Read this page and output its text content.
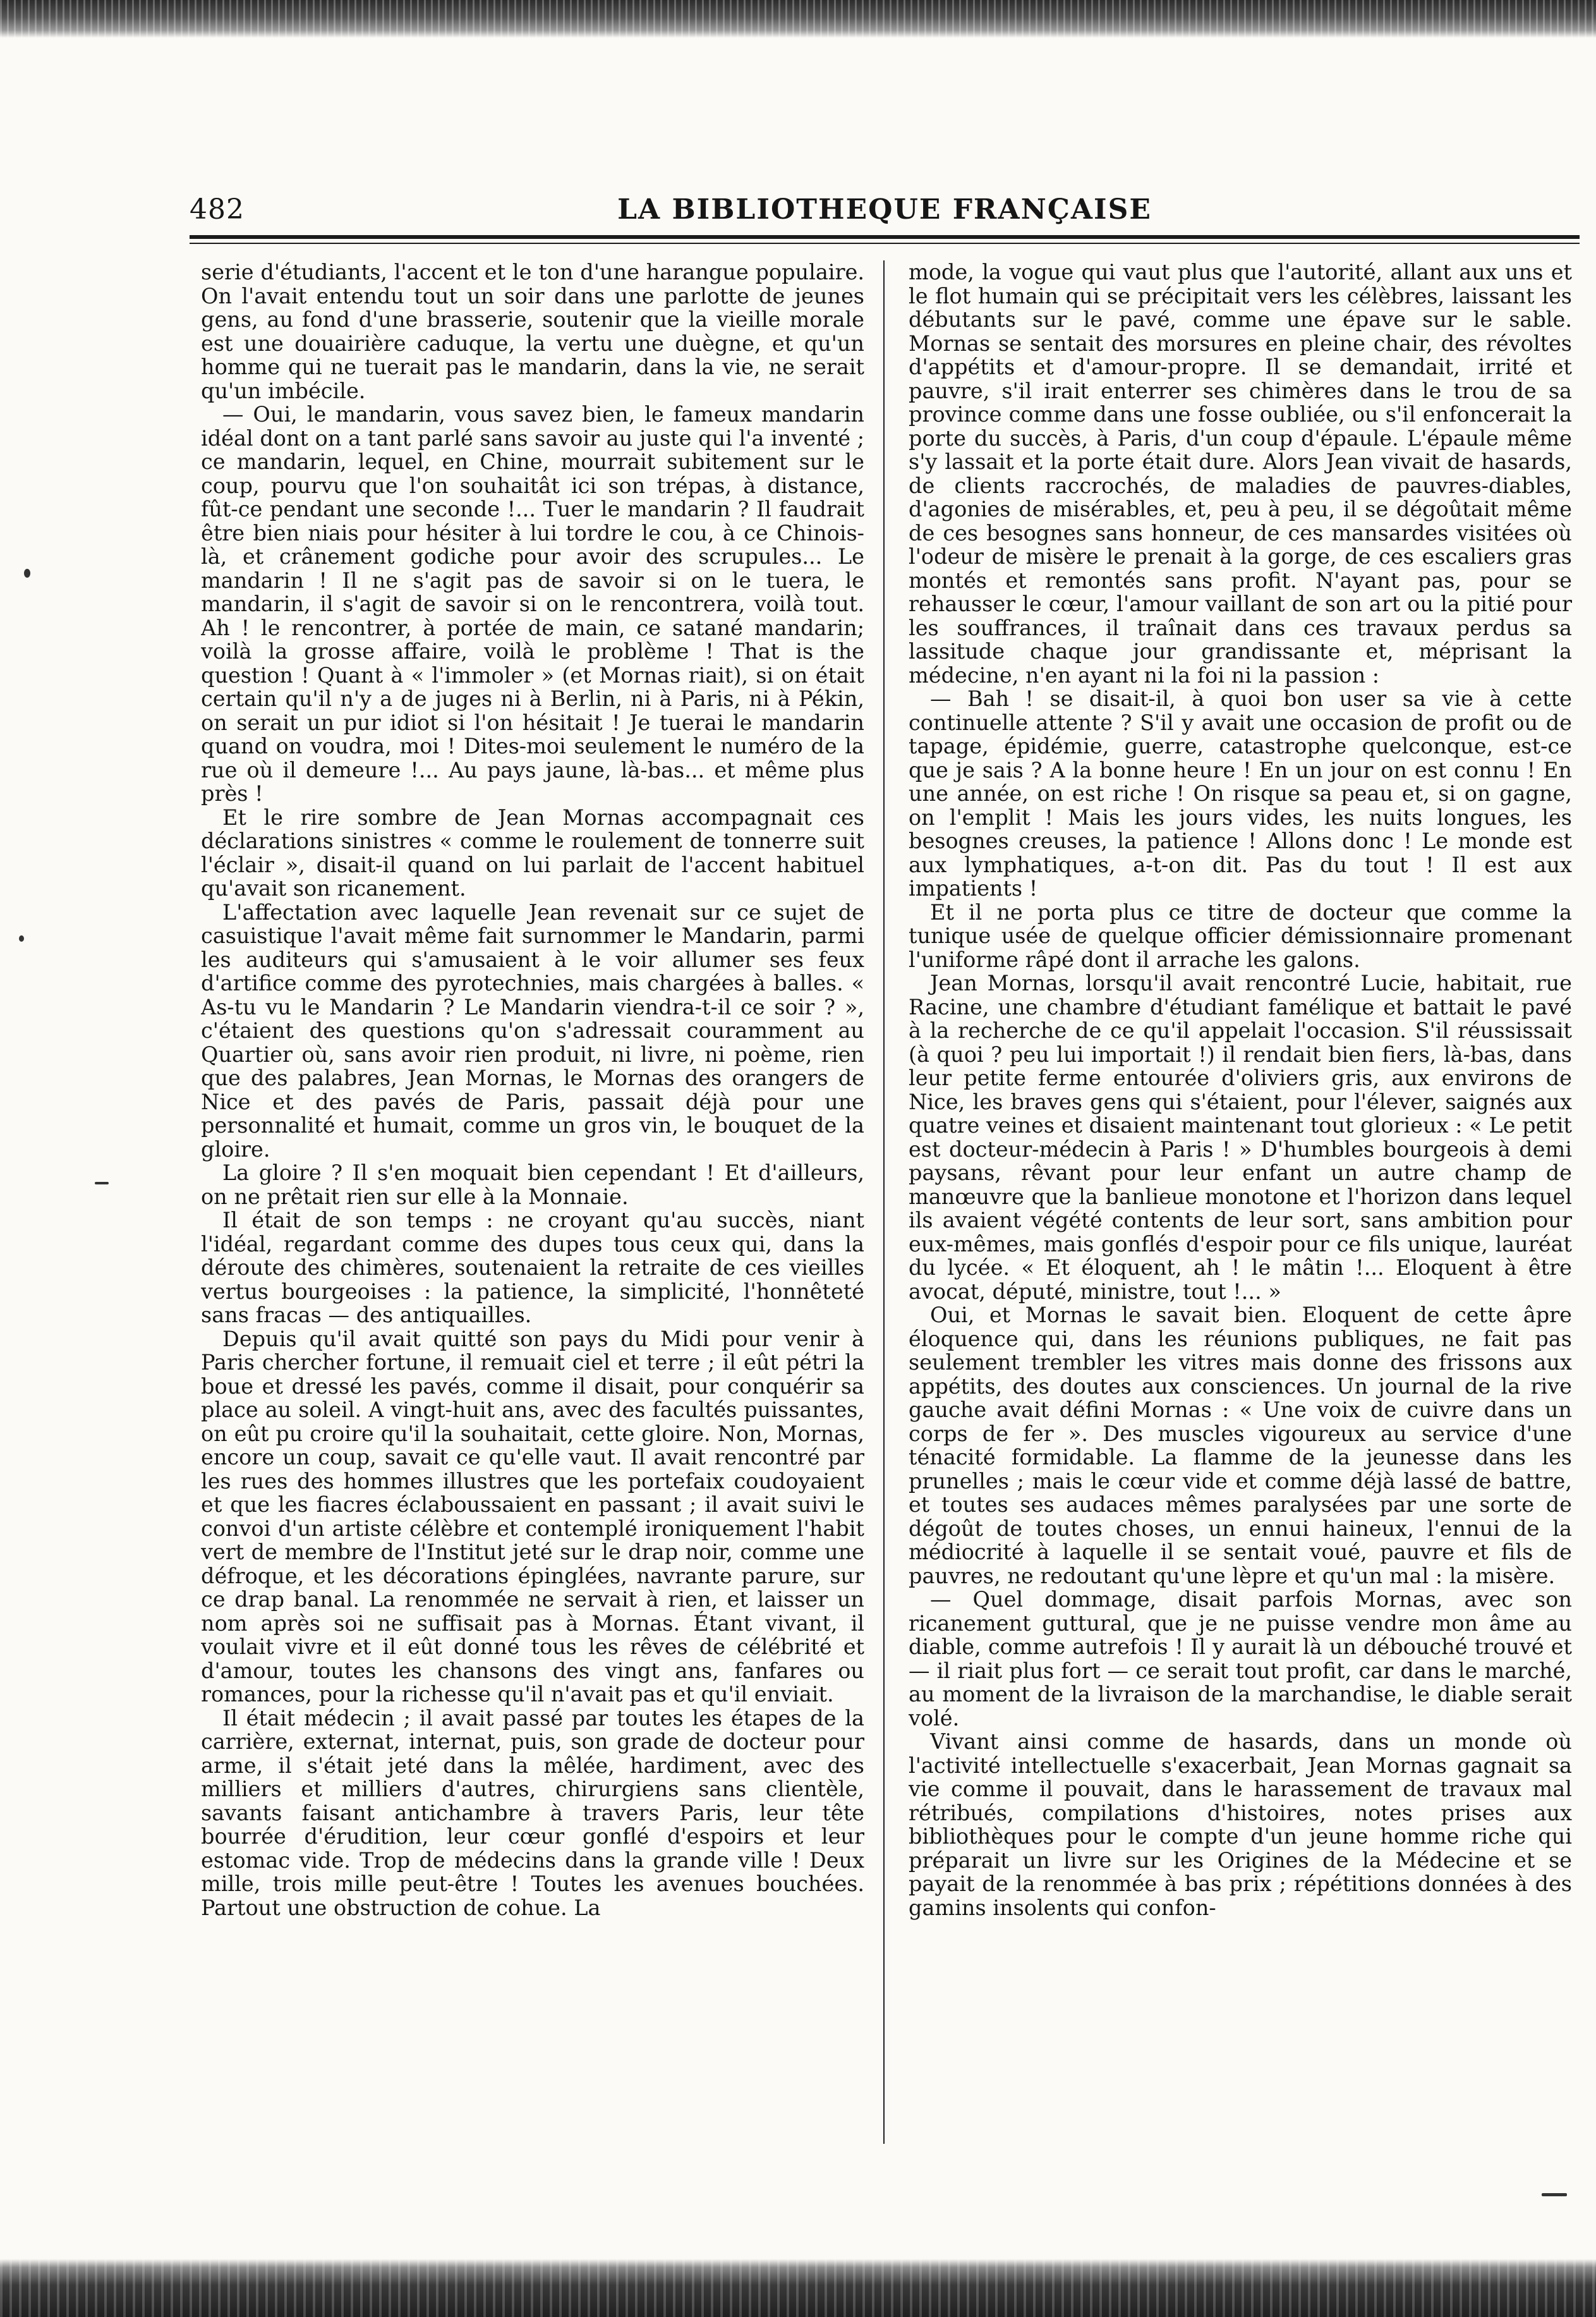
482	LA BIBLIOTHEQUE FRANÇAISE

serie d'étudiants, l'accent et le ton d'une harangue populaire. On l'avait entendu tout un soir dans une parlotte de jeunes gens, au fond d'une brasserie, soutenir que la vieille morale est une douairière caduque, la vertu une duègne, et qu'un homme qui ne tuerait pas le mandarin, dans la vie, ne serait qu'un imbécile.

— Oui, le mandarin, vous savez bien, le fameux mandarin idéal dont on a tant parlé sans savoir au juste qui l'a inventé ; ce mandarin, lequel, en Chine, mourrait subitement sur le coup, pourvu que l'on souhaitât ici son trépas, à distance, fût-ce pendant une seconde !... Tuer le mandarin ? Il faudrait être bien niais pour hésiter à lui tordre le cou, à ce Chinois-là, et crânement godiche pour avoir des scrupules... Le mandarin ! Il ne s'agit pas de savoir si on le tuera, le mandarin, il s'agit de savoir si on le rencontrera, voilà tout. Ah ! le rencontrer, à portée de main, ce satané mandarin; voilà la grosse affaire, voilà le problème ! That is the question ! Quant à « l'immoler » (et Mornas riait), si on était certain qu'il n'y a de juges ni à Berlin, ni à Paris, ni à Pékin, on serait un pur idiot si l'on hésitait ! Je tuerai le mandarin quand on voudra, moi ! Dites-moi seulement le numéro de la rue où il demeure !... Au pays jaune, là-bas... et même plus près !

Et le rire sombre de Jean Mornas accompagnait ces déclarations sinistres « comme le roulement de tonnerre suit l'éclair », disait-il quand on lui parlait de l'accent habituel qu'avait son ricanement.

L'affectation avec laquelle Jean revenait sur ce sujet de casuistique l'avait même fait surnommer le Mandarin, parmi les auditeurs qui s'amusaient à le voir allumer ses feux d'artifice comme des pyrotechnies, mais chargées à balles. « As-tu vu le Mandarin ? Le Mandarin viendra-t-il ce soir ? », c'étaient des questions qu'on s'adressait couramment au Quartier où, sans avoir rien produit, ni livre, ni poème, rien que des palabres, Jean Mornas, le Mornas des orangers de Nice et des pavés de Paris, passait déjà pour une personnalité et humait, comme un gros vin, le bouquet de la gloire.

La gloire ? Il s'en moquait bien cependant ! Et d'ailleurs, on ne prêtait rien sur elle à la Monnaie.

Il était de son temps : ne croyant qu'au succès, niant l'idéal, regardant comme des dupes tous ceux qui, dans la déroute des chimères, soutenaient la retraite de ces vieilles vertus bourgeoises : la patience, la simplicité, l'honnêteté sans fracas — des antiquailles.

Depuis qu'il avait quitté son pays du Midi pour venir à Paris chercher fortune, il remuait ciel et terre ; il eût pétri la boue et dressé les pavés, comme il disait, pour conquérir sa place au soleil. A vingt-huit ans, avec des facultés puissantes, on eût pu croire qu'il la souhaitait, cette gloire. Non, Mornas, encore un coup, savait ce qu'elle vaut. Il avait rencontré par les rues des hommes illustres que les portefaix coudoyaient et que les fiacres éclaboussaient en passant ; il avait suivi le convoi d'un artiste célèbre et contemplé ironiquement l'habit vert de membre de l'Institut jeté sur le drap noir, comme une défroque, et les décorations épinglées, navrante parure, sur ce drap banal. La renommée ne servait à rien, et laisser un nom après soi ne suffisait pas à Mornas. Étant vivant, il voulait vivre et il eût donné tous les rêves de célébrité et d'amour, toutes les chansons des vingt ans, fanfares ou romances, pour la richesse qu'il n'avait pas et qu'il enviait.

Il était médecin ; il avait passé par toutes les étapes de la carrière, externat, internat, puis, son grade de docteur pour arme, il s'était jeté dans la mêlée, hardiment, avec des milliers et milliers d'autres, chirurgiens sans clientèle, savants faisant antichambre à travers Paris, leur tête bourrée d'érudition, leur cœur gonflé d'espoirs et leur estomac vide. Trop de médecins dans la grande ville ! Deux mille, trois mille peut-être ! Toutes les avenues bouchées. Partout une obstruction de cohue. La

mode, la vogue qui vaut plus que l'autorité, allant aux uns et le flot humain qui se précipitait vers les célèbres, laissant les débutants sur le pavé, comme une épave sur le sable. Mornas se sentait des morsures en pleine chair, des révoltes d'appétits et d'amour-propre. Il se demandait, irrité et pauvre, s'il irait enterrer ses chimères dans le trou de sa province comme dans une fosse oubliée, ou s'il enfoncerait la porte du succès, à Paris, d'un coup d'épaule. L'épaule même s'y lassait et la porte était dure. Alors Jean vivait de hasards, de clients raccrochés, de maladies de pauvres-diables, d'agonies de misérables, et, peu à peu, il se dégoûtait même de ces besognes sans honneur, de ces mansardes visitées où l'odeur de misère le prenait à la gorge, de ces escaliers gras montés et remontés sans profit. N'ayant pas, pour se rehausser le cœur, l'amour vaillant de son art ou la pitié pour les souffrances, il traînait dans ces travaux perdus sa lassitude chaque jour grandissante et, méprisant la médecine, n'en ayant ni la foi ni la passion :

— Bah ! se disait-il, à quoi bon user sa vie à cette continuelle attente ? S'il y avait une occasion de profit ou de tapage, épidémie, guerre, catastrophe quelconque, est-ce que je sais ? A la bonne heure ! En un jour on est connu ! En une année, on est riche ! On risque sa peau et, si on gagne, on l'emplit ! Mais les jours vides, les nuits longues, les besognes creuses, la patience ! Allons donc ! Le monde est aux lymphatiques, a-t-on dit. Pas du tout ! Il est aux impatients !

Et il ne porta plus ce titre de docteur que comme la tunique usée de quelque officier démissionnaire promenant l'uniforme râpé dont il arrache les galons.

Jean Mornas, lorsqu'il avait rencontré Lucie, habitait, rue Racine, une chambre d'étudiant famélique et battait le pavé à la recherche de ce qu'il appelait l'occasion. S'il réussissait (à quoi ? peu lui importait !) il rendait bien fiers, là-bas, dans leur petite ferme entourée d'oliviers gris, aux environs de Nice, les braves gens qui s'étaient, pour l'élever, saignés aux quatre veines et disaient maintenant tout glorieux : « Le petit est docteur-médecin à Paris ! » D'humbles bourgeois à demi paysans, rêvant pour leur enfant un autre champ de manœuvre que la banlieue monotone et l'horizon dans lequel ils avaient végété contents de leur sort, sans ambition pour eux-mêmes, mais gonflés d'espoir pour ce fils unique, lauréat du lycée. « Et éloquent, ah ! le mâtin !... Eloquent à être avocat, député, ministre, tout !... »

Oui, et Mornas le savait bien. Eloquent de cette âpre éloquence qui, dans les réunions publiques, ne fait pas seulement trembler les vitres mais donne des frissons aux appétits, des doutes aux consciences. Un journal de la rive gauche avait défini Mornas : « Une voix de cuivre dans un corps de fer ». Des muscles vigoureux au service d'une ténacité formidable. La flamme de la jeunesse dans les prunelles ; mais le cœur vide et comme déjà lassé de battre, et toutes ses audaces mêmes paralysées par une sorte de dégoût de toutes choses, un ennui haineux, l'ennui de la médiocrité à laquelle il se sentait voué, pauvre et fils de pauvres, ne redoutant qu'une lèpre et qu'un mal : la misère.

— Quel dommage, disait parfois Mornas, avec son ricanement guttural, que je ne puisse vendre mon âme au diable, comme autrefois ! Il y aurait là un débouché trouvé et — il riait plus fort — ce serait tout profit, car dans le marché, au moment de la livraison de la marchandise, le diable serait volé.

Vivant ainsi comme de hasards, dans un monde où l'activité intellectuelle s'exacerbait, Jean Mornas gagnait sa vie comme il pouvait, dans le harassement de travaux mal rétribués, compilations d'histoires, notes prises aux bibliothèques pour le compte d'un jeune homme riche qui préparait un livre sur les Origines de la Médecine et se payait de la renommée à bas prix ; répétitions données à des gamins insolents qui confon-
